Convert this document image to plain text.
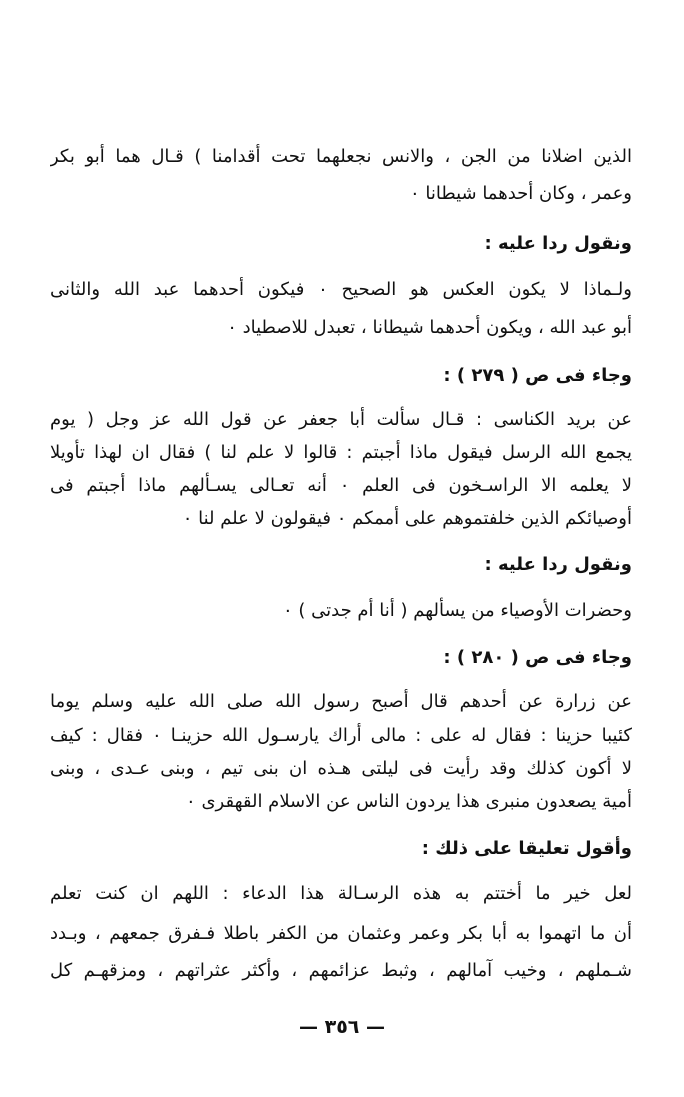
الذين اضلانا من الجن ، والانس نجعلهما تحت أقدامنا ) قـال هما أبو بكر
وعمر ، وكان أحدهما شيطانا ٠
ونقول ردا عليه :
ولـماذا لا يكون العكس هو الصحيح ٠ فيكون أحدهما عبد الله والثانى
أبو عبد الله ، ويكون أحدهما شيطانا ، تعبدل للاصطياد ٠
وجاء فى ص ( ٢٧٩ ) :
عن بريد الكناسى : قـال سألت أبا جعفر عن قول الله عز وجل ( يوم
يجمع الله الرسل فيقول ماذا أجبتم : قالوا لا علم لنا ) فقال ان لهذا تأويلا
لا يعلمه الا الراسـخون فى العلم ٠ أنه تعـالى يسـألهم ماذا أجبتم فى
أوصيائكم الذين خلفتموهم على أممكم ٠ فيقولون لا علم لنا ٠
ونقول ردا عليه :
وحضرات الأوصياء من يسألهم ( أنا أم جدتى ) ٠
وجاء فى ص ( ٢٨٠ ) :
عن زرارة عن أحدهم قال أصبح رسول الله صلى الله عليه وسلم يوما
كئيبا حزينا : فقال له على : مالى أراك يارسـول الله حزينـا ٠ فقال : كيف
لا أكون كذلك وقد رأيت فى ليلتى هـذه ان بنى تيم ، وبنى عـدى ، وبنى
أمية يصعدون منبرى هذا يردون الناس عن الاسلام القهقرى ٠
وأقول تعليقا على ذلك :
لعل خير ما أختتم به هذه الرسـالة هذا الدعاء : اللهم ان كنت تعلم
أن ما اتهموا به أبا بكر وعمر وعثمان من الكفر باطلا فـفرق جمعهم ، وبـدد
شـملهم ، وخيب آمالهم ، وثبط عزائمهم ، وأكثر عثراتهم ، ومزقهـم كل
— ٣٥٦ —
